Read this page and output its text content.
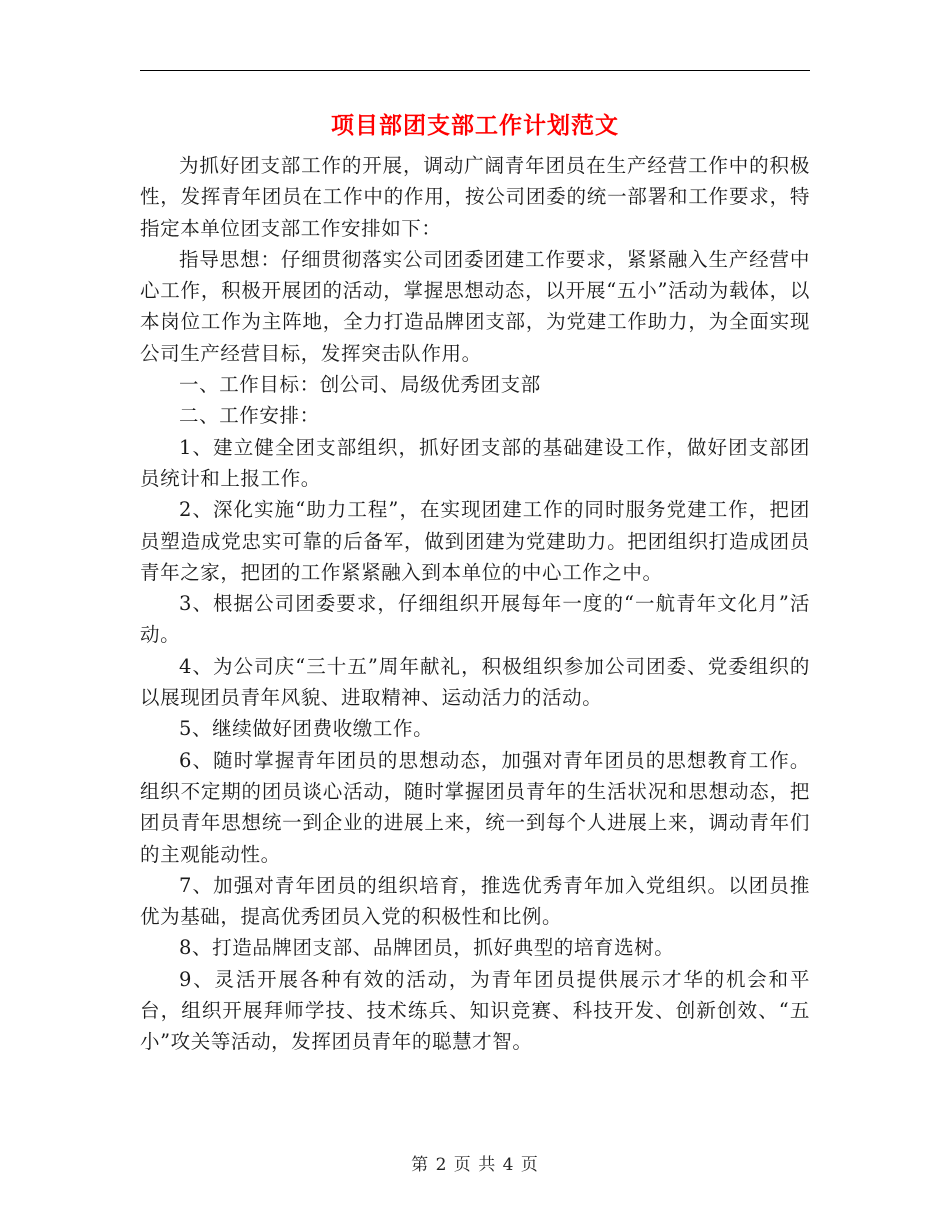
项目部团支部工作计划范文

为抓好团支部工作的开展，调动广阔青年团员在生产经营工作中的积极性，发挥青年团员在工作中的作用，按公司团委的统一部署和工作要求，特指定本单位团支部工作安排如下：

指导思想：仔细贯彻落实公司团委团建工作要求，紧紧融入生产经营中心工作，积极开展团的活动，掌握思想动态，以开展“五小”活动为载体，以本岗位工作为主阵地，全力打造品牌团支部，为党建工作助力，为全面实现公司生产经营目标，发挥突击队作用。

一、工作目标：创公司、局级优秀团支部

二、工作安排：

1、建立健全团支部组织，抓好团支部的基础建设工作，做好团支部团员统计和上报工作。

2、深化实施“助力工程”，在实现团建工作的同时服务党建工作，把团员塑造成党忠实可靠的后备军，做到团建为党建助力。把团组织打造成团员青年之家，把团的工作紧紧融入到本单位的中心工作之中。

3、根据公司团委要求，仔细组织开展每年一度的“一航青年文化月”活动。

4、为公司庆“三十五”周年献礼，积极组织参加公司团委、党委组织的以展现团员青年风貌、进取精神、运动活力的活动。

5、继续做好团费收缴工作。

6、随时掌握青年团员的思想动态，加强对青年团员的思想教育工作。组织不定期的团员谈心活动，随时掌握团员青年的生活状况和思想动态，把团员青年思想统一到企业的进展上来，统一到每个人进展上来，调动青年们的主观能动性。

7、加强对青年团员的组织培育，推选优秀青年加入党组织。以团员推优为基础，提高优秀团员入党的积极性和比例。

8、打造品牌团支部、品牌团员，抓好典型的培育选树。

9、灵活开展各种有效的活动，为青年团员提供展示才华的机会和平台，组织开展拜师学技、技术练兵、知识竞赛、科技开发、创新创效、“五小”攻关等活动，发挥团员青年的聪慧才智。

第 2 页 共 4 页
